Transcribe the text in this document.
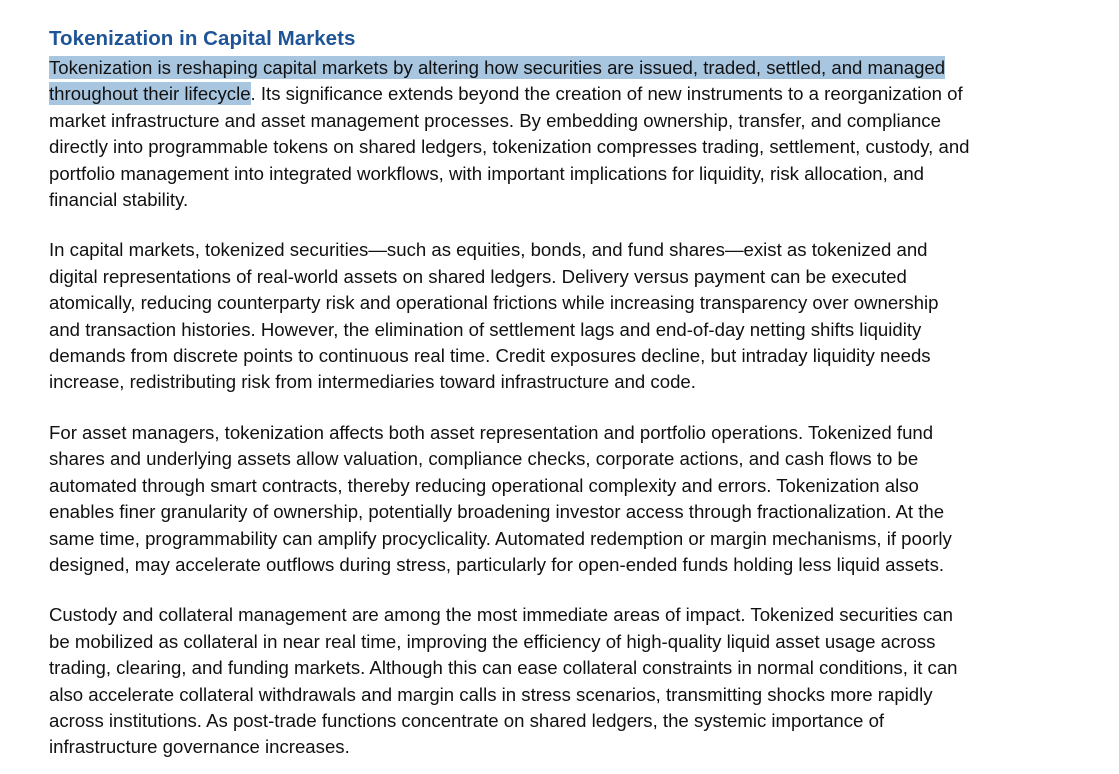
Tokenization in Capital Markets

Tokenization is reshaping capital markets by altering how securities are issued, traded, settled, and managed
throughout their lifecycle. Its significance extends beyond the creation of new instruments to a reorganization of
market infrastructure and asset management processes. By embedding ownership, transfer, and compliance
directly into programmable tokens on shared ledgers, tokenization compresses trading, settlement, custody, and
portfolio management into integrated workflows, with important implications for liquidity, risk allocation, and
financial stability.

In capital markets, tokenized securities—such as equities, bonds, and fund shares—exist as tokenized and
digital representations of real-world assets on shared ledgers. Delivery versus payment can be executed
atomically, reducing counterparty risk and operational frictions while increasing transparency over ownership
and transaction histories. However, the elimination of settlement lags and end-of-day netting shifts liquidity
demands from discrete points to continuous real time. Credit exposures decline, but intraday liquidity needs
increase, redistributing risk from intermediaries toward infrastructure and code.

For asset managers, tokenization affects both asset representation and portfolio operations. Tokenized fund
shares and underlying assets allow valuation, compliance checks, corporate actions, and cash flows to be
automated through smart contracts, thereby reducing operational complexity and errors. Tokenization also
enables finer granularity of ownership, potentially broadening investor access through fractionalization. At the
same time, programmability can amplify procyclicality. Automated redemption or margin mechanisms, if poorly
designed, may accelerate outflows during stress, particularly for open-ended funds holding less liquid assets.

Custody and collateral management are among the most immediate areas of impact. Tokenized securities can
be mobilized as collateral in near real time, improving the efficiency of high-quality liquid asset usage across
trading, clearing, and funding markets. Although this can ease collateral constraints in normal conditions, it can
also accelerate collateral withdrawals and margin calls in stress scenarios, transmitting shocks more rapidly
across institutions. As post-trade functions concentrate on shared ledgers, the systemic importance of
infrastructure governance increases.
